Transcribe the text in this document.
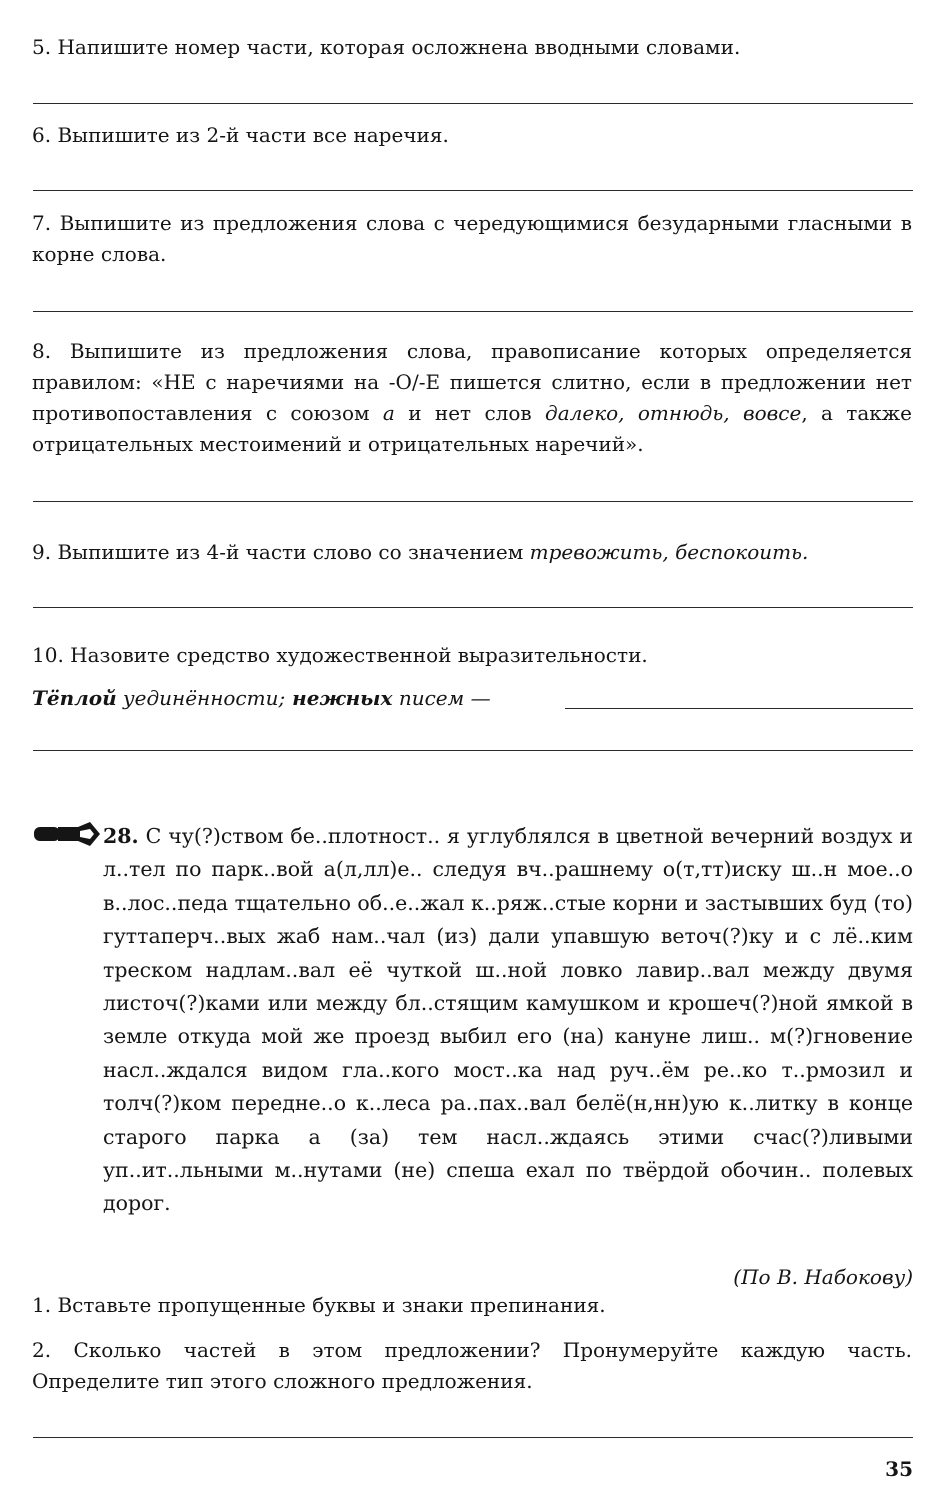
5. Напишите номер части, которая осложнена вводными словами.

6. Выпишите из 2-й части все наречия.

7. Выпишите из предложения слова с чередующимися безударными гласными в корне слова.

8. Выпишите из предложения слова, правописание которых определяется правилом: «НЕ с наречиями на -О/-Е пишется слитно, если в предложении нет противопоставления с союзом а и нет слов далеко, отнюдь, вовсе, а также отрицательных местоимений и отрицательных наречий».

9. Выпишите из 4-й части слово со значением тревожить, беспокоить.

10. Назовите средство художественной выразительности.

Тёплой уединённости; нежных писем —

28. С чу(?)ством бе..плотност.. я углублялся в цветной вечерний воздух и л..тел по парк..вой а(л,лл)е.. следуя вч..рашнему о(т,тт)иску ш..н мое..о в..лос..педа тщательно об..е..жал к..ряж..стые корни и застывших буд (то) гуттаперч..вых жаб нам..чал (из) дали упавшую веточ(?)ку и с лё..ким треском надлам..вал её чуткой ш..ной ловко лавир..вал между двумя листоч(?)ками или между бл..стящим камушком и крошеч(?)ной ямкой в земле откуда мой же проезд выбил его (на) кануне лиш.. м(?)гновение насл..ждался видом гла..кого мост..ка над руч..ём ре..ко т..рмозил и толч(?)ком передне..о к..леса ра..пах..вал белё(н,нн)ую к..литку в конце старого парка а (за) тем насл..ждаясь этими счас(?)ливыми уп..ит..льными м..нутами (не) спеша ехал по твёрдой обочин.. полевых дорог.

(По В. Набокову)

1. Вставьте пропущенные буквы и знаки препинания.

2. Сколько частей в этом предложении? Пронумеруйте каждую часть. Определите тип этого сложного предложения.

35
